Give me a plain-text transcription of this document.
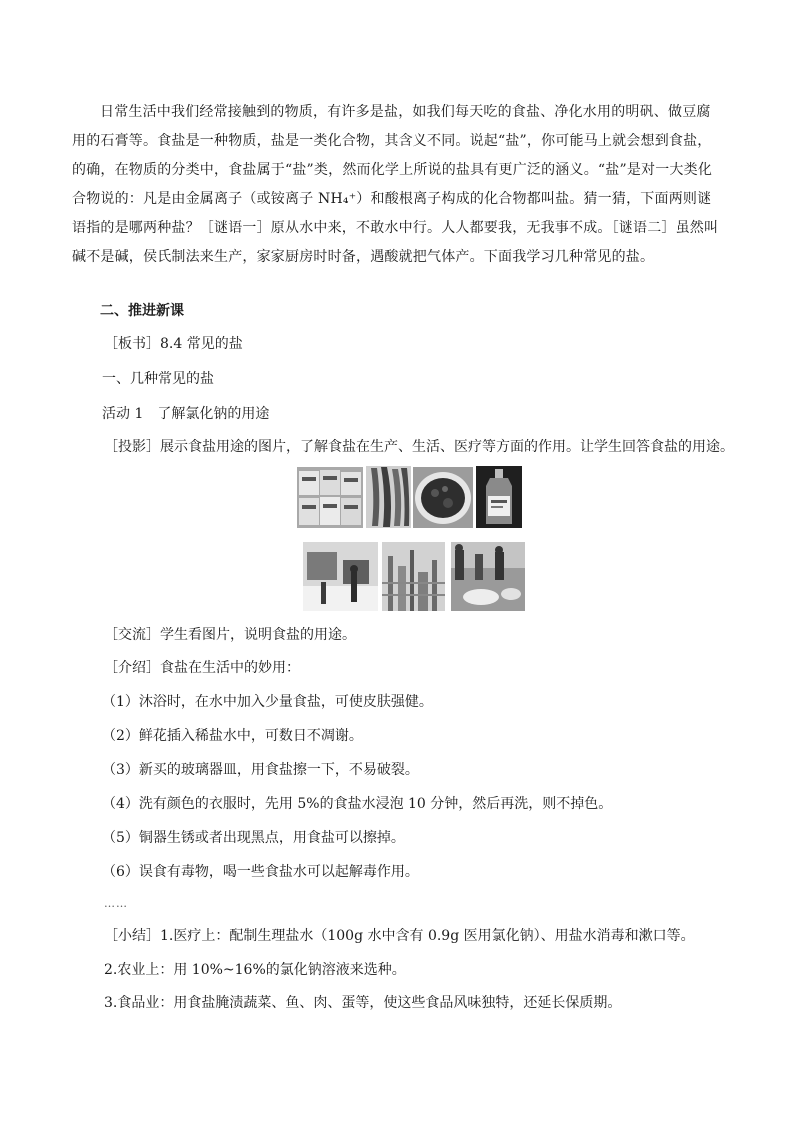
日常生活中我们经常接触到的物质，有许多是盐，如我们每天吃的食盐、净化水用的明矾、做豆腐用的石膏等。食盐是一种物质，盐是一类化合物，其含义不同。说起“盐”，你可能马上就会想到食盐，的确，在物质的分类中，食盐属于“盐”类，然而化学上所说的盐具有更广泛的涵义。“盐”是对一大类化合物说的：凡是由金属离子（或铵离子 NH₄⁺）和酸根离子构成的化合物都叫盐。猜一猜，下面两则谜语指的是哪两种盐？［谜语一］原从水中来，不敢水中行。人人都要我，无我事不成。［谜语二］虽然叫碱不是碱，侯氏制法来生产，家家厨房时时备，遇酸就把气体产。下面我学习几种常见的盐。

二、推进新课

［板书］8.4 常见的盐

一、几种常见的盐

活动 1　了解氯化钠的用途

［投影］展示食盐用途的图片，了解食盐在生产、生活、医疗等方面的作用。让学生回答食盐的用途。

［交流］学生看图片，说明食盐的用途。

［介绍］食盐在生活中的妙用：

（1）沐浴时，在水中加入少量食盐，可使皮肤强健。

（2）鲜花插入稀盐水中，可数日不凋谢。

（3）新买的玻璃器皿，用食盐擦一下，不易破裂。

（4）洗有颜色的衣服时，先用 5%的食盐水浸泡 10 分钟，然后再洗，则不掉色。

（5）铜器生锈或者出现黑点，用食盐可以擦掉。

（6）误食有毒物，喝一些食盐水可以起解毒作用。

……

［小结］1.医疗上：配制生理盐水（100g 水中含有 0.9g 医用氯化钠）、用盐水消毒和漱口等。

2.农业上：用 10%~16%的氯化钠溶液来选种。

3.食品业：用食盐腌渍蔬菜、鱼、肉、蛋等，使这些食品风味独特，还延长保质期。
